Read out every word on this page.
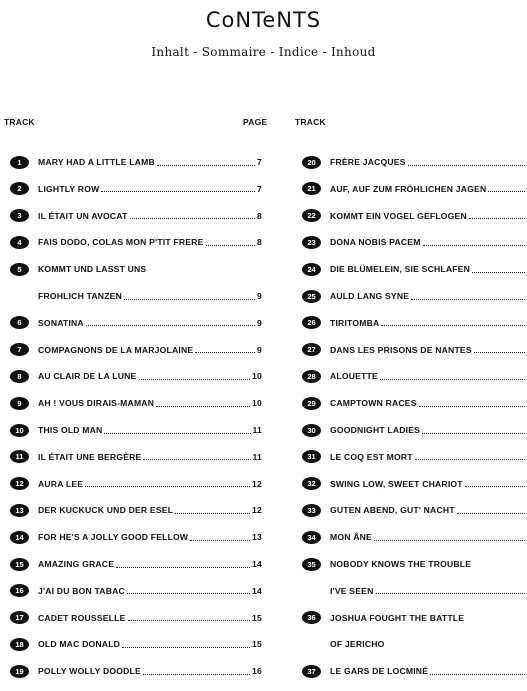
CoNTeNTS
Inhalt - Sommaire - Indice - Inhoud
TRACK	PAGE	TRACK
1	MARY HAD A LITTLE LAMB	7
2	LIGHTLY ROW	7
3	IL ÉTAIT UN AVOCAT	8
4	FAIS DODO, COLAS MON P'TIT FRERE	8
5	KOMMT UND LASST UNS
FROHLICH TANZEN	9
6	SONATINA	9
7	COMPAGNONS DE LA MARJOLAINE	9
8	AU CLAIR DE LA LUNE	10
9	AH ! VOUS DIRAIS-MAMAN	10
10	THIS OLD MAN	11
11	IL ÉTAIT UNE BERGÈRE	11
12	AURA LEE	12
13	DER KUCKUCK UND DER ESEL	12
14	FOR HE'S A JOLLY GOOD FELLOW	13
15	AMAZING GRACE	14
16	J'AI DU BON TABAC	14
17	CADET ROUSSELLE	15
18	OLD MAC DONALD	15
19	POLLY WOLLY DOODLE	16
20	FRÈRE JACQUES
21	AUF, AUF ZUM FRÖHLICHEN JAGEN
22	KOMMT EIN VOGEL GEFLOGEN
23	DONA NOBIS PACEM
24	DIE BLÜMELEIN, SIE SCHLAFEN
25	AULD LANG SYNE
26	TIRITOMBA
27	DANS LES PRISONS DE NANTES
28	ALOUETTE
29	CAMPTOWN RACES
30	GOODNIGHT LADIES
31	LE COQ EST MORT
32	SWING LOW, SWEET CHARIOT
33	GUTEN ABEND, GUT' NACHT
34	MON ÂNE
35	NOBODY KNOWS THE TROUBLE
I'VE SEEN
36	JOSHUA FOUGHT THE BATTLE
OF JERICHO
37	LE GARS DE LOCMINÉ
